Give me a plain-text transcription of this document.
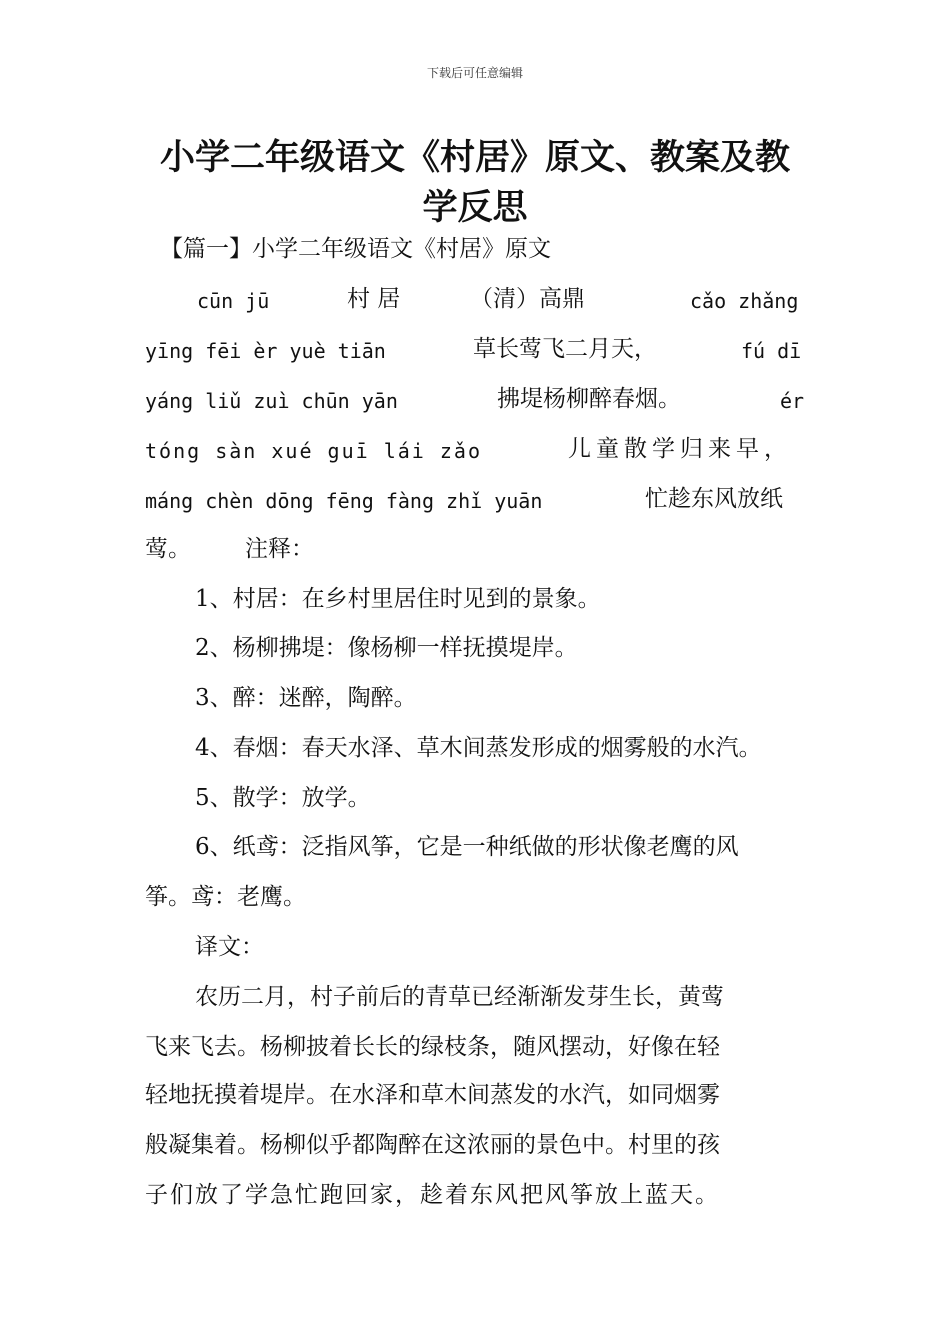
下载后可任意编辑
小学二年级语文《村居》原文、教案及教
学反思
【篇一】小学二年级语文《村居》原文
cūn jū	村 居	（清）高鼎	cǎo zhǎng
yīng fēi èr yuè tiān	草长莺飞二月天，	fú dī
yáng liǔ zuì chūn yān	拂堤杨柳醉春烟。	ér
tóng sàn xué guī lái zǎo	儿童散学归来早，
máng chèn dōng fēng fàng zhǐ yuān	忙趁东风放纸
莺。 注释：
1、村居：在乡村里居住时见到的景象。
2、杨柳拂堤：像杨柳一样抚摸堤岸。
3、醉：迷醉，陶醉。
4、春烟：春天水泽、草木间蒸发形成的烟雾般的水汽。
5、散学：放学。
6、纸鸢：泛指风筝，它是一种纸做的形状像老鹰的风
筝。鸢：老鹰。
译文：
农历二月，村子前后的青草已经渐渐发芽生长，黄莺
飞来飞去。杨柳披着长长的绿枝条，随风摆动，好像在轻
轻地抚摸着堤岸。在水泽和草木间蒸发的水汽，如同烟雾
般凝集着。杨柳似乎都陶醉在这浓丽的景色中。村里的孩
子们放了学急忙跑回家，趁着东风把风筝放上蓝天。
